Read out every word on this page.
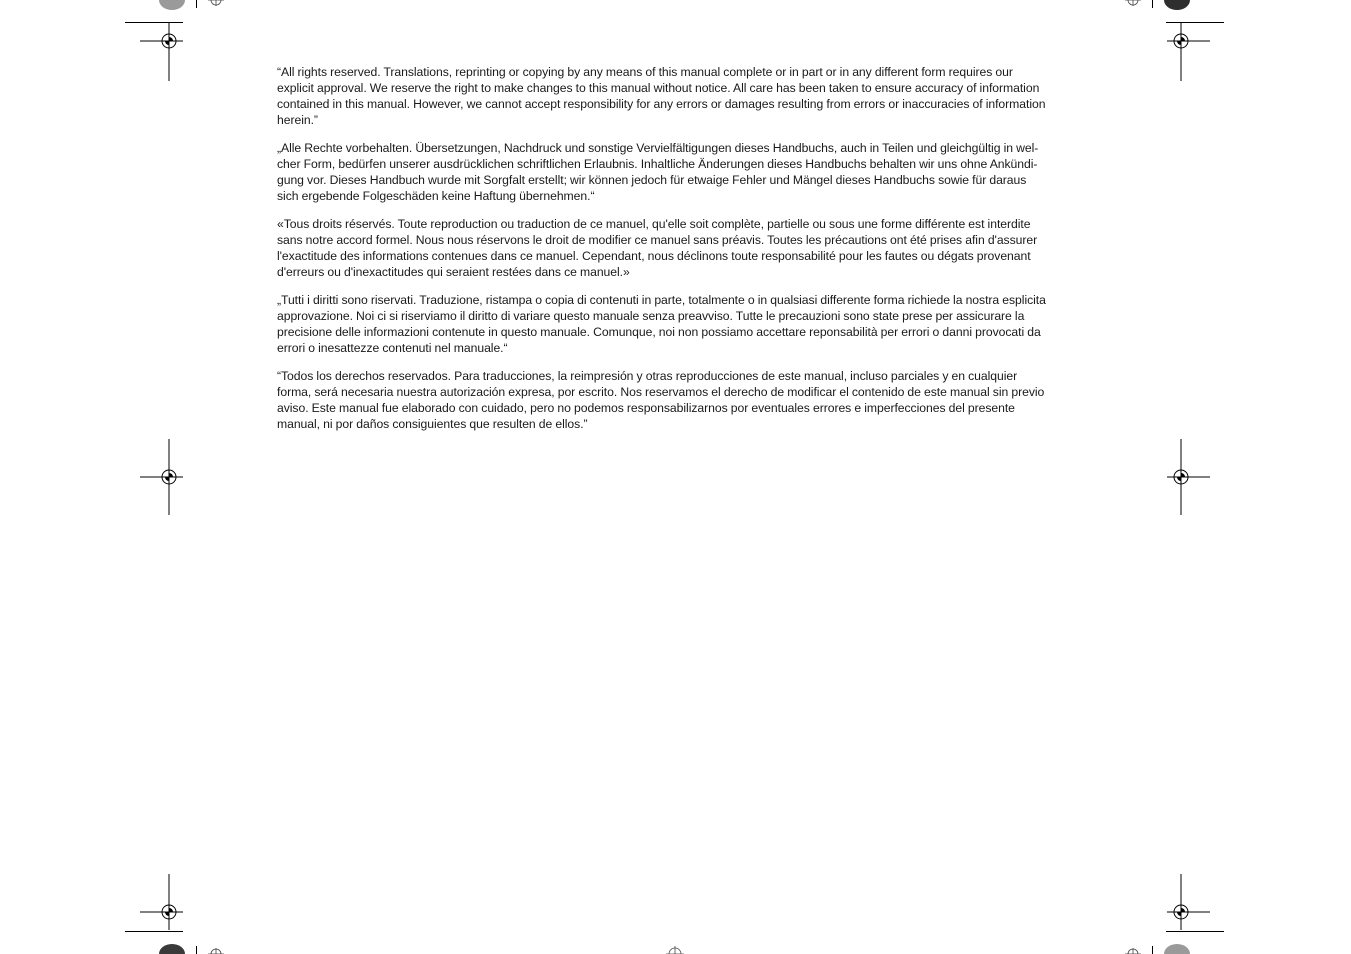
“All rights reserved. Translations, reprinting or copying by any means of this manual complete or in part or in any different form requires our
explicit approval. We reserve the right to make changes to this manual without notice. All care has been taken to ensure accuracy of information
contained in this manual. However, we cannot accept responsibility for any errors or damages resulting from errors or inaccuracies of information
herein.”

„Alle Rechte vorbehalten. Übersetzungen, Nachdruck und sonstige Vervielfältigungen dieses Handbuchs, auch in Teilen und gleichgültig in wel-
cher Form, bedürfen unserer ausdrücklichen schriftlichen Erlaubnis. Inhaltliche Änderungen dieses Handbuchs behalten wir uns ohne Ankündi-
gung vor. Dieses Handbuch wurde mit Sorgfalt erstellt; wir können jedoch für etwaige Fehler und Mängel dieses Handbuchs sowie für daraus
sich ergebende Folgeschäden keine Haftung übernehmen.“

«Tous droits réservés. Toute reproduction ou traduction de ce manuel, qu'elle soit complète, partielle ou sous une forme différente est interdite
sans notre accord formel. Nous nous réservons le droit de modifier ce manuel sans préavis. Toutes les précautions ont été prises afin d'assurer
l'exactitude des informations contenues dans ce manuel. Cependant, nous déclinons toute responsabilité pour les fautes ou dégats provenant
d'erreurs ou d'inexactitudes qui seraient restées dans ce manuel.»

„Tutti i diritti sono riservati. Traduzione, ristampa o copia di contenuti in parte, totalmente o in qualsiasi differente forma richiede la nostra esplicita
approvazione. Noi ci si riserviamo il diritto di variare questo manuale senza preavviso. Tutte le precauzioni sono state prese per assicurare la
precisione delle informazioni contenute in questo manuale. Comunque, noi non possiamo accettare reponsabilità per errori o danni provocati da
errori o inesattezze contenuti nel manuale.“

“Todos los derechos reservados. Para traducciones, la reimpresión y otras reproducciones de este manual, incluso parciales y en cualquier
forma, será necesaria nuestra autorización expresa, por escrito. Nos reservamos el derecho de modificar el contenido de este manual sin previo
aviso. Este manual fue elaborado con cuidado, pero no podemos responsabilizarnos por eventuales errores e imperfecciones del presente
manual, ni por daños consiguientes que resulten de ellos.”
